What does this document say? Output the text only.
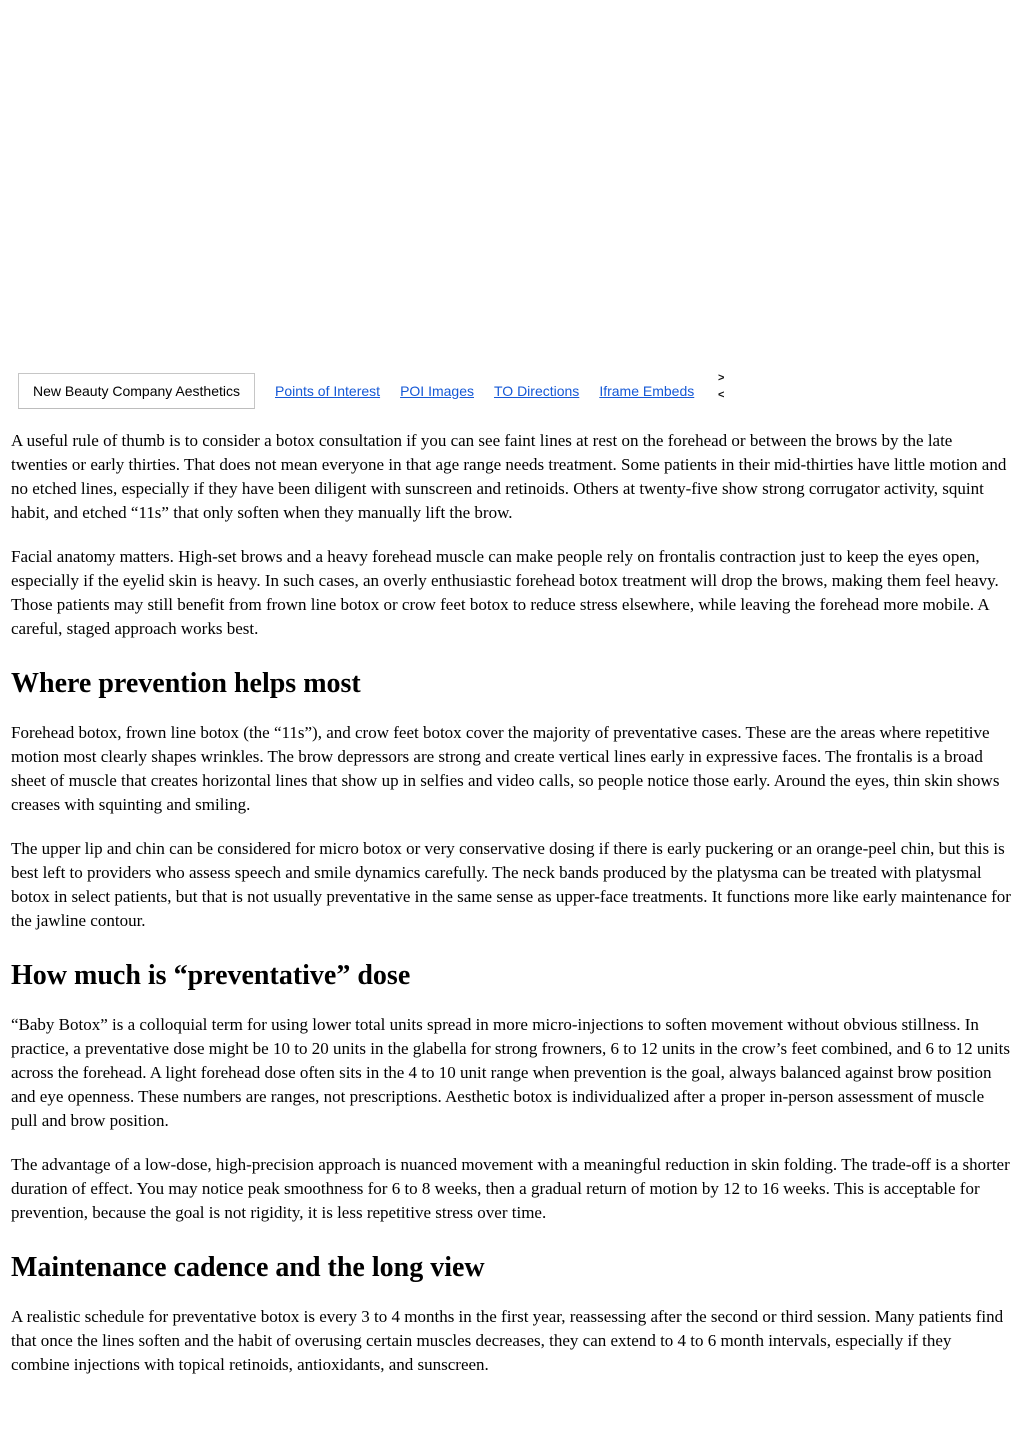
New Beauty Company Aesthetics	Points of Interest POI Images TO Directions Iframe Embeds
>
<

A useful rule of thumb is to consider a botox consultation if you can see faint lines at rest on the forehead or between the brows by the late twenties or early thirties. That does not mean everyone in that age range needs treatment. Some patients in their mid-thirties have little motion and no etched lines, especially if they have been diligent with sunscreen and retinoids. Others at twenty-five show strong corrugator activity, squint habit, and etched “11s” that only soften when they manually lift the brow.

Facial anatomy matters. High-set brows and a heavy forehead muscle can make people rely on frontalis contraction just to keep the eyes open, especially if the eyelid skin is heavy. In such cases, an overly enthusiastic forehead botox treatment will drop the brows, making them feel heavy. Those patients may still benefit from frown line botox or crow feet botox to reduce stress elsewhere, while leaving the forehead more mobile. A careful, staged approach works best.

Where prevention helps most

Forehead botox, frown line botox (the “11s”), and crow feet botox cover the majority of preventative cases. These are the areas where repetitive motion most clearly shapes wrinkles. The brow depressors are strong and create vertical lines early in expressive faces. The frontalis is a broad sheet of muscle that creates horizontal lines that show up in selfies and video calls, so people notice those early. Around the eyes, thin skin shows creases with squinting and smiling.

The upper lip and chin can be considered for micro botox or very conservative dosing if there is early puckering or an orange-peel chin, but this is best left to providers who assess speech and smile dynamics carefully. The neck bands produced by the platysma can be treated with platysmal botox in select patients, but that is not usually preventative in the same sense as upper-face treatments. It functions more like early maintenance for the jawline contour.

How much is “preventative” dose

“Baby Botox” is a colloquial term for using lower total units spread in more micro-injections to soften movement without obvious stillness. In practice, a preventative dose might be 10 to 20 units in the glabella for strong frowners, 6 to 12 units in the crow’s feet combined, and 6 to 12 units across the forehead. A light forehead dose often sits in the 4 to 10 unit range when prevention is the goal, always balanced against brow position and eye openness. These numbers are ranges, not prescriptions. Aesthetic botox is individualized after a proper in-person assessment of muscle pull and brow position.

The advantage of a low-dose, high-precision approach is nuanced movement with a meaningful reduction in skin folding. The trade-off is a shorter duration of effect. You may notice peak smoothness for 6 to 8 weeks, then a gradual return of motion by 12 to 16 weeks. This is acceptable for prevention, because the goal is not rigidity, it is less repetitive stress over time.

Maintenance cadence and the long view

A realistic schedule for preventative botox is every 3 to 4 months in the first year, reassessing after the second or third session. Many patients find that once the lines soften and the habit of overusing certain muscles decreases, they can extend to 4 to 6 month intervals, especially if they combine injections with topical retinoids, antioxidants, and sunscreen.
